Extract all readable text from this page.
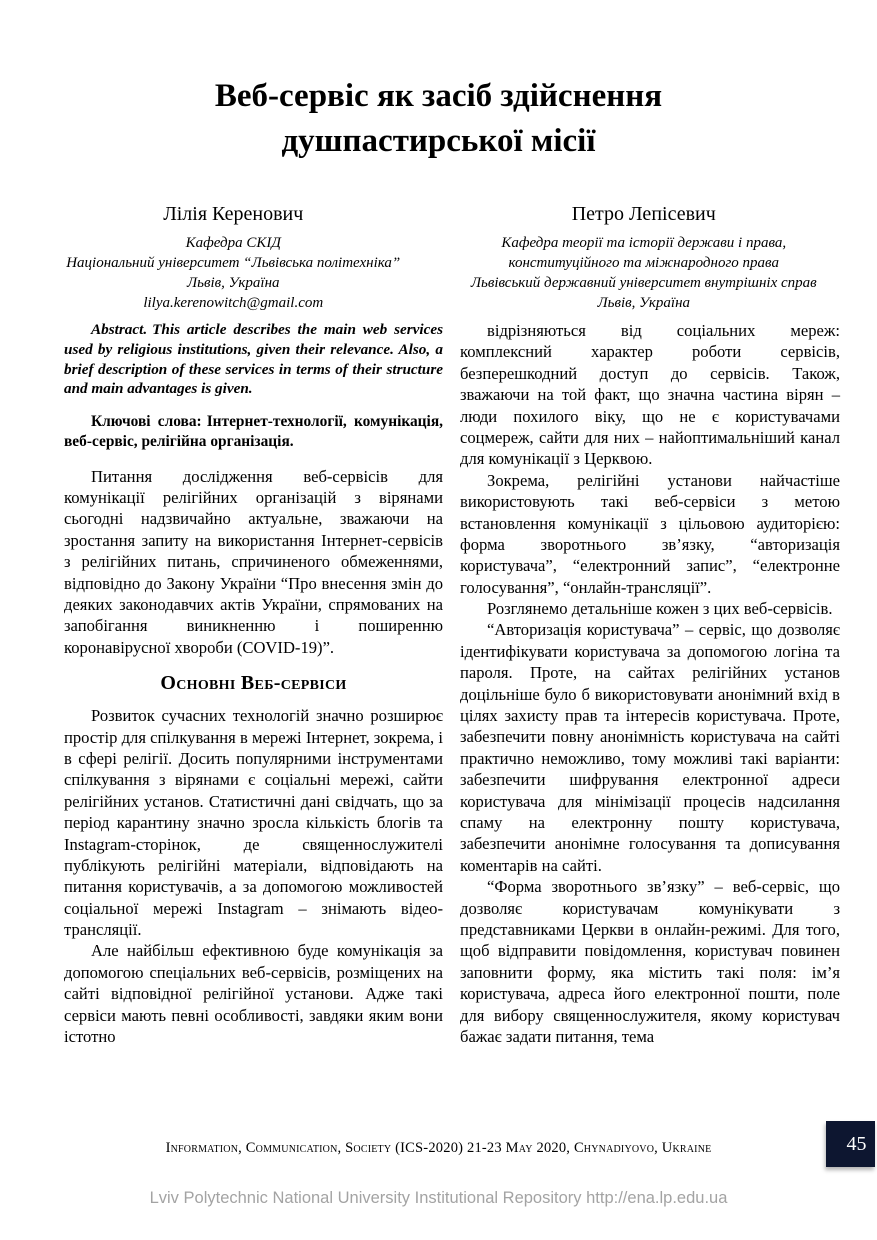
Веб-сервіс як засіб здійснення душпастирської місії
Лілія Керенович
Кафедра СКІД
Національний університет “Львівська політехніка”
Львів, Україна
lilya.kerenowitch@gmail.com
Петро Лепісевич
Кафедра теорії та історії держави і права,
конституційного та міжнародного права
Львівський державний університет внутрішніх справ
Львів, Україна

Abstract. This article describes the main web services used by religious institutions, given their relevance. Also, a brief description of these services in terms of their structure and main advantages is given.

Ключові слова: Інтернет-технології, комунікація, веб-сервіс, релігійна організація.

Питання дослідження веб-сервісів для комунікації релігійних організацій з вірянами сьогодні надзвичайно актуальне, зважаючи на зростання запиту на використання Інтернет-сервісів з релігійних питань, спричиненого обмеженнями, відповідно до Закону України “Про внесення змін до деяких законодавчих актів України, спрямованих на запобігання виникненню і поширенню коронавірусної хвороби (COVID-19)”.

Основні Веб-сервіси

Розвиток сучасних технологій значно розширює простір для спілкування в мережі Інтернет, зокрема, і в сфері релігії. Досить популярними інструментами спілкування з вірянами є соціальні мережі, сайти релігійних установ. Статистичні дані свідчать, що за період карантину значно зросла кількість блогів та Instagram-сторінок, де священнослужителі публікують релігійні матеріали, відповідають на питання користувачів, а за допомогою можливостей соціальної мережі Instagram – знімають відео-трансляції.

Але найбільш ефективною буде комунікація за допомогою спеціальних веб-сервісів, розміщених на сайті відповідної релігійної установи. Адже такі сервіси мають певні особливості, завдяки яким вони істотно

відрізняються від соціальних мереж: комплексний характер роботи сервісів, безперешкодний доступ до сервісів. Також, зважаючи на той факт, що значна частина вірян – люди похилого віку, що не є користувачами соцмереж, сайти для них – найоптимальніший канал для комунікації з Церквою.

Зокрема, релігійні установи найчастіше використовують такі веб-сервіси з метою встановлення комунікації з цільовою аудиторією: форма зворотнього зв’язку, “авторизація користувача”, “електронний запис”, “електронне голосування”, “онлайн-трансляції”.

Розглянемо детальніше кожен з цих веб-сервісів.

“Авторизація користувача” – сервіс, що дозволяє ідентифікувати користувача за допомогою логіна та пароля. Проте, на сайтах релігійних установ доцільніше було б використовувати анонімний вхід в цілях захисту прав та інтересів користувача. Проте, забезпечити повну анонімність користувача на сайті практично неможливо, тому можливі такі варіанти: забезпечити шифрування електронної адреси користувача для мінімізації процесів надсилання спаму на електронну пошту користувача, забезпечити анонімне голосування та дописування коментарів на сайті.

“Форма зворотнього зв’язку” – веб-сервіс, що дозволяє користувачам комунікувати з представниками Церкви в онлайн-режимі. Для того, щоб відправити повідомлення, користувач повинен заповнити форму, яка містить такі поля: ім’я користувача, адреса його електронної пошти, поле для вибору священнослужителя, якому користувач бажає задати питання, тема

Information, Communication, Society (ICS-2020) 21-23 May 2020, Chynadiyovo, Ukraine	45
Lviv Polytechnic National University Institutional Repository http://ena.lp.edu.ua
